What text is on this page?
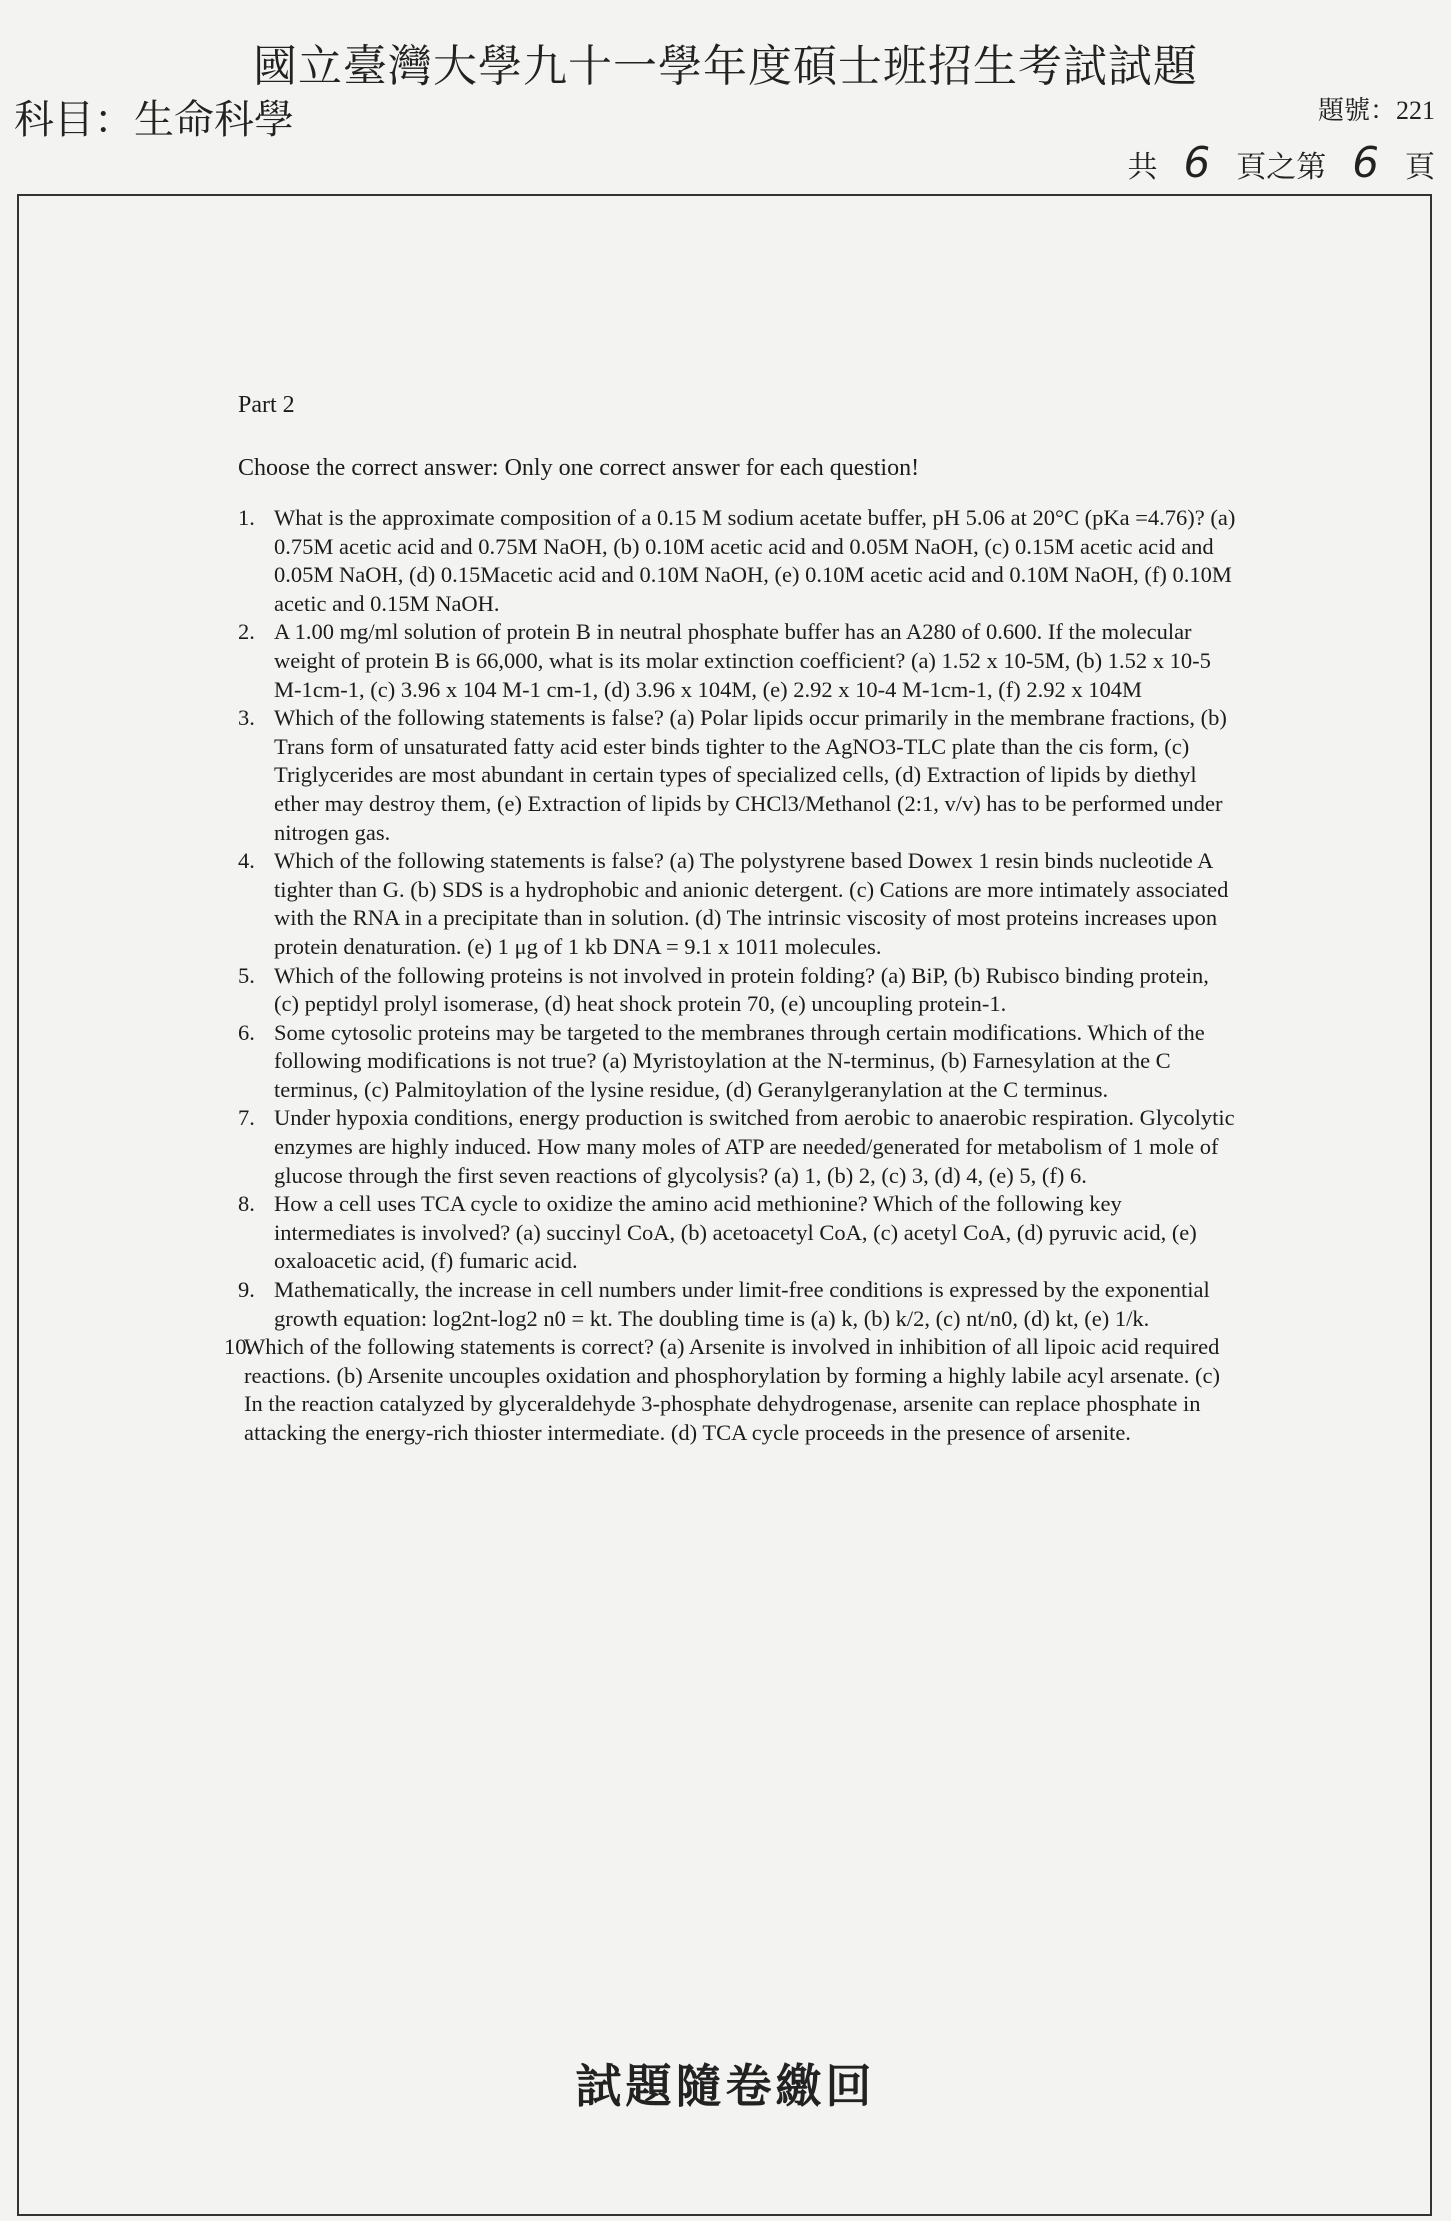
國立臺灣大學九十一學年度碩士班招生考試試題
科目：生命科學	題號：221
共 6 頁之第 6 頁
Part 2
Choose the correct answer: Only one correct answer for each question!
1. What is the approximate composition of a 0.15 M sodium acetate buffer, pH 5.06 at 20°C (pKa =4.76)? (a) 0.75M acetic acid and 0.75M NaOH, (b) 0.10M acetic acid and 0.05M NaOH, (c) 0.15M acetic acid and 0.05M NaOH, (d) 0.15Macetic acid and 0.10M NaOH, (e) 0.10M acetic acid and 0.10M NaOH, (f) 0.10M acetic and 0.15M NaOH.
2. A 1.00 mg/ml solution of protein B in neutral phosphate buffer has an A280 of 0.600. If the molecular weight of protein B is 66,000, what is its molar extinction coefficient? (a) 1.52 x 10-5M, (b) 1.52 x 10-5 M-1cm-1, (c) 3.96 x 104 M-1 cm-1, (d) 3.96 x 104M, (e) 2.92 x 10-4 M-1cm-1, (f) 2.92 x 104M
3. Which of the following statements is false? (a) Polar lipids occur primarily in the membrane fractions, (b) Trans form of unsaturated fatty acid ester binds tighter to the AgNO3-TLC plate than the cis form, (c) Triglycerides are most abundant in certain types of specialized cells, (d) Extraction of lipids by diethyl ether may destroy them, (e) Extraction of lipids by CHCl3/Methanol (2:1, v/v) has to be performed under nitrogen gas.
4. Which of the following statements is false? (a) The polystyrene based Dowex 1 resin binds nucleotide A tighter than G. (b) SDS is a hydrophobic and anionic detergent. (c) Cations are more intimately associated with the RNA in a precipitate than in solution. (d) The intrinsic viscosity of most proteins increases upon protein denaturation. (e) 1 μg of 1 kb DNA = 9.1 x 1011 molecules.
5. Which of the following proteins is not involved in protein folding? (a) BiP, (b) Rubisco binding protein, (c) peptidyl prolyl isomerase, (d) heat shock protein 70, (e) uncoupling protein-1.
6. Some cytosolic proteins may be targeted to the membranes through certain modifications. Which of the following modifications is not true? (a) Myristoylation at the N-terminus, (b) Farnesylation at the C terminus, (c) Palmitoylation of the lysine residue, (d) Geranylgeranylation at the C terminus.
7. Under hypoxia conditions, energy production is switched from aerobic to anaerobic respiration. Glycolytic enzymes are highly induced. How many moles of ATP are needed/generated for metabolism of 1 mole of glucose through the first seven reactions of glycolysis? (a) 1, (b) 2, (c) 3, (d) 4, (e) 5, (f) 6.
8. How a cell uses TCA cycle to oxidize the amino acid methionine? Which of the following key intermediates is involved? (a) succinyl CoA, (b) acetoacetyl CoA, (c) acetyl CoA, (d) pyruvic acid, (e) oxaloacetic acid, (f) fumaric acid.
9. Mathematically, the increase in cell numbers under limit-free conditions is expressed by the exponential growth equation: log2nt-log2 n0 = kt. The doubling time is (a) k, (b) k/2, (c) nt/n0, (d) kt, (e) 1/k.
10.
Which of the following statements is correct? (a) Arsenite is involved in inhibition of all lipoic acid required reactions. (b) Arsenite uncouples oxidation and phosphorylation by forming a highly labile acyl arsenate. (c) In the reaction catalyzed by glyceraldehyde 3-phosphate dehydrogenase, arsenite can replace phosphate in attacking the energy-rich thioster intermediate. (d) TCA cycle proceeds in the presence of arsenite.
試題隨卷繳回
